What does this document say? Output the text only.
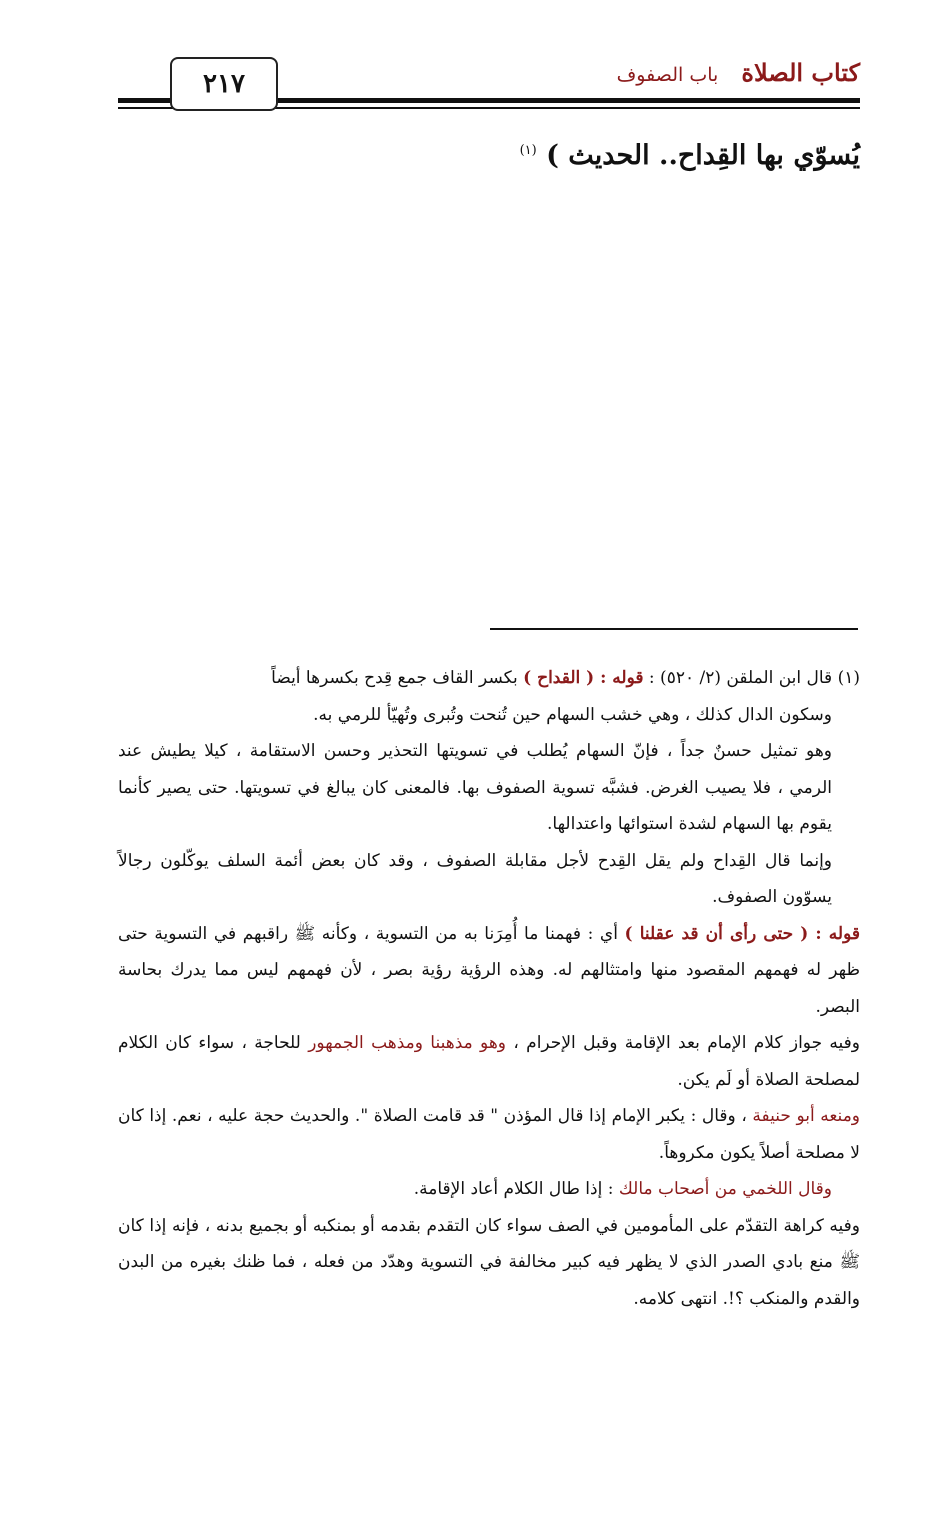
٢١٧	كتاب الصلاة باب الصفوف
يُسوّي بها القِداح.. الحديث ) $^{(١)}$

(١) قال ابن الملقن (٢/ ٥٢٠) : قوله : ( القداح ) بكسر القاف جمع قِدح بكسرها أيضاً

وسكون الدال كذلك ، وهي خشب السهام حين تُنحت وتُبرى وتُهيّأ للرمي به.

وهو تمثيل حسنٌ جداً ، فإنّ السهام يُطلب في تسويتها التحذير وحسن الاستقامة ، كيلا يطيش عند الرمي ، فلا يصيب الغرض. فشبَّه تسوية الصفوف بها. فالمعنى كان يبالغ في تسويتها. حتى يصير كأنما يقوم بها السهام لشدة استوائها واعتدالها.

وإنما قال القِداح ولم يقل القِدح لأجل مقابلة الصفوف ، وقد كان بعض أئمة السلف يوكّلون رجالاً يسوّون الصفوف.

قوله : ( حتى رأى أن قد عقلنا ) أي : فهمنا ما أُمِرَنا به من التسوية ، وكأنه ﷺ راقبهم في التسوية حتى ظهر له فهمهم المقصود منها وامتثالهم له. وهذه الرؤية رؤية بصر ، لأن فهمهم ليس مما يدرك بحاسة البصر.

وفيه جواز كلام الإمام بعد الإقامة وقبل الإحرام ، وهو مذهبنا ومذهب الجمهور للحاجة ، سواء كان الكلام لمصلحة الصلاة أو لَم يكن.

ومنعه أبو حنيفة ، وقال : يكبر الإمام إذا قال المؤذن " قد قامت الصلاة ". والحديث حجة عليه ، نعم. إذا كان لا مصلحة أصلاً يكون مكروهاً.

وقال اللخمي من أصحاب مالك : إذا طال الكلام أعاد الإقامة.

وفيه كراهة التقدّم على المأمومين في الصف سواء كان التقدم بقدمه أو بمنكبه أو بجميع بدنه ، فإنه إذا كان ﷺ منع بادي الصدر الذي لا يظهر فيه كبير مخالفة في التسوية وهدّد من فعله ، فما ظنك بغيره من البدن والقدم والمنكب ؟!. انتهى كلامه.
